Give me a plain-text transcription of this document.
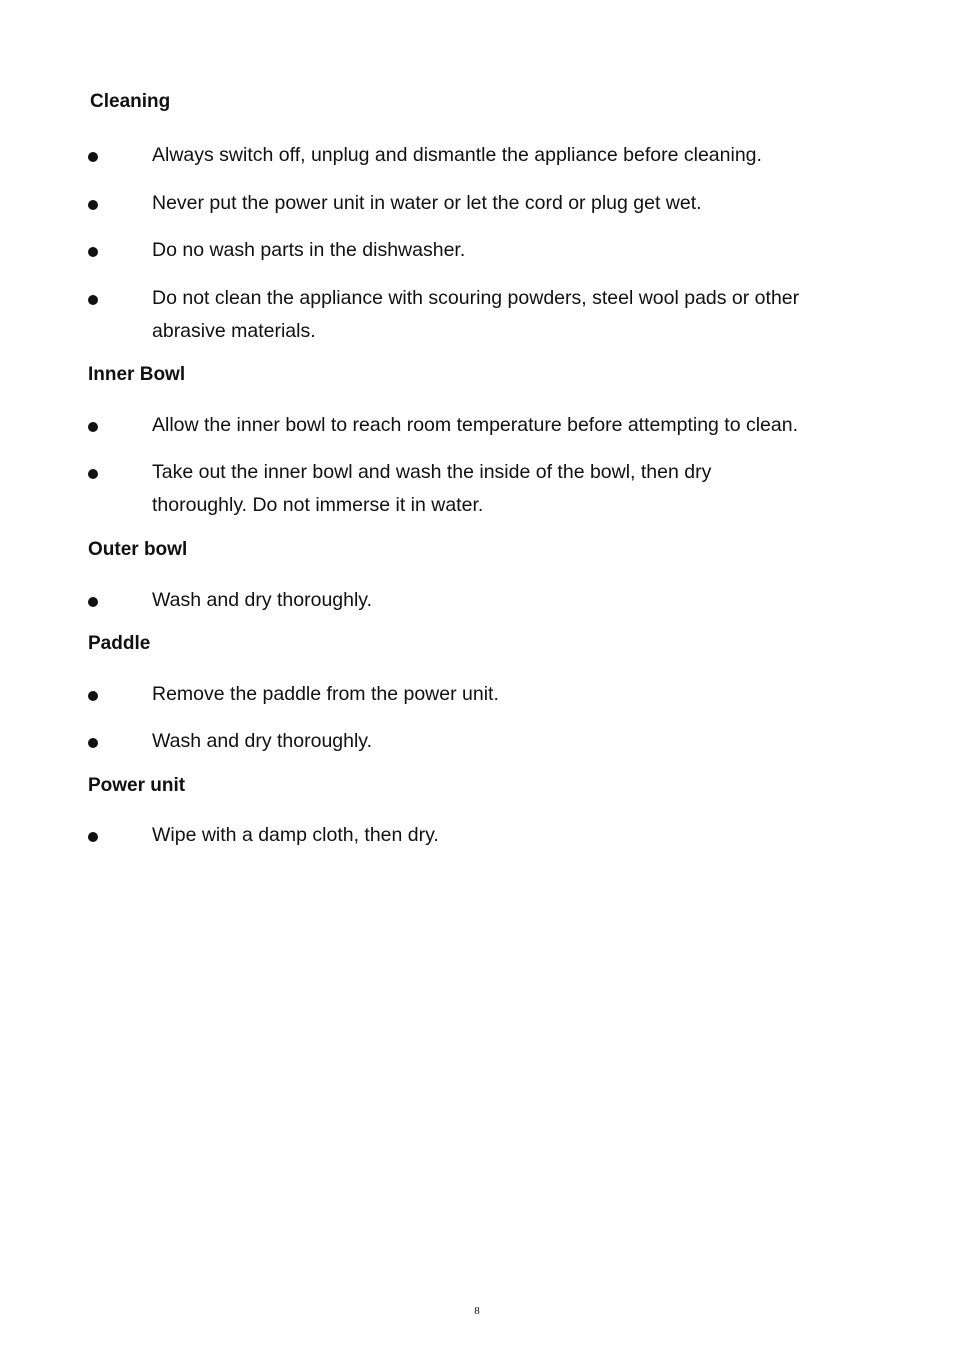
Cleaning
Always switch off, unplug and dismantle the appliance before cleaning.
Never put the power unit in water or let the cord or plug get wet.
Do no wash parts in the dishwasher.
Do not clean the appliance with scouring powders, steel wool pads or other abrasive materials.
Inner Bowl
Allow the inner bowl to reach room temperature before attempting to clean.
Take out the inner bowl and wash the inside of the bowl, then dry thoroughly. Do not immerse it in water.
Outer bowl
Wash and dry thoroughly.
Paddle
Remove the paddle from the power unit.
Wash and dry thoroughly.
Power unit
Wipe with a damp cloth, then dry.
8
